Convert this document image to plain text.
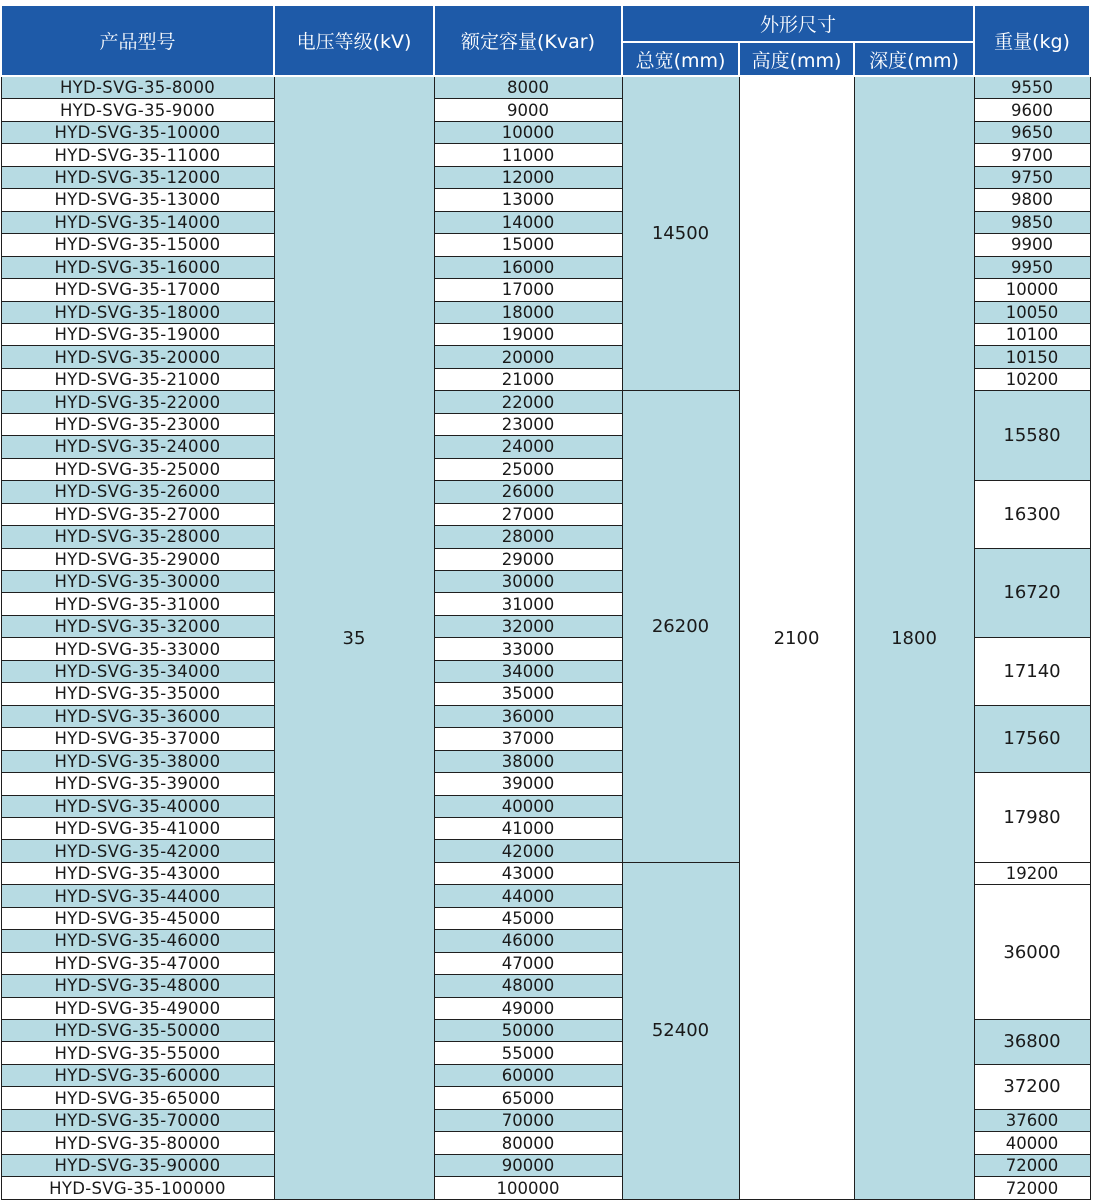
产品型号	电压等级(kV)	额定容量(Kvar)	外形尺寸			重量(kg)
			总宽(mm)	高度(mm)	深度(mm)	
HYD-SVG-35-8000	35	8000	14500	2100	1800	9550
HYD-SVG-35-9000		9000				9600
HYD-SVG-35-10000		10000				9650
HYD-SVG-35-11000		11000				9700
HYD-SVG-35-12000		12000				9750
HYD-SVG-35-13000		13000				9800
HYD-SVG-35-14000		14000				9850
HYD-SVG-35-15000		15000				9900
HYD-SVG-35-16000		16000				9950
HYD-SVG-35-17000		17000				10000
HYD-SVG-35-18000		18000				10050
HYD-SVG-35-19000		19000				10100
HYD-SVG-35-20000		20000				10150
HYD-SVG-35-21000		21000				10200
HYD-SVG-35-22000		22000	26200			15580
HYD-SVG-35-23000		23000				
HYD-SVG-35-24000		24000				
HYD-SVG-35-25000		25000				
HYD-SVG-35-26000		26000				16300
HYD-SVG-35-27000		27000				
HYD-SVG-35-28000		28000				
HYD-SVG-35-29000		29000				16720
HYD-SVG-35-30000		30000				
HYD-SVG-35-31000		31000				
HYD-SVG-35-32000		32000				
HYD-SVG-35-33000		33000				17140
HYD-SVG-35-34000		34000				
HYD-SVG-35-35000		35000				
HYD-SVG-35-36000		36000				17560
HYD-SVG-35-37000		37000				
HYD-SVG-35-38000		38000				
HYD-SVG-35-39000		39000				17980
HYD-SVG-35-40000		40000				
HYD-SVG-35-41000		41000				
HYD-SVG-35-42000		42000				
HYD-SVG-35-43000		43000	52400			19200
HYD-SVG-35-44000		44000				36000
HYD-SVG-35-45000		45000				
HYD-SVG-35-46000		46000				
HYD-SVG-35-47000		47000				
HYD-SVG-35-48000		48000				
HYD-SVG-35-49000		49000				
HYD-SVG-35-50000		50000				36800
HYD-SVG-35-55000		55000				
HYD-SVG-35-60000		60000				37200
HYD-SVG-35-65000		65000				
HYD-SVG-35-70000		70000				37600
HYD-SVG-35-80000		80000				40000
HYD-SVG-35-90000		90000				72000
HYD-SVG-35-100000		100000				72000
